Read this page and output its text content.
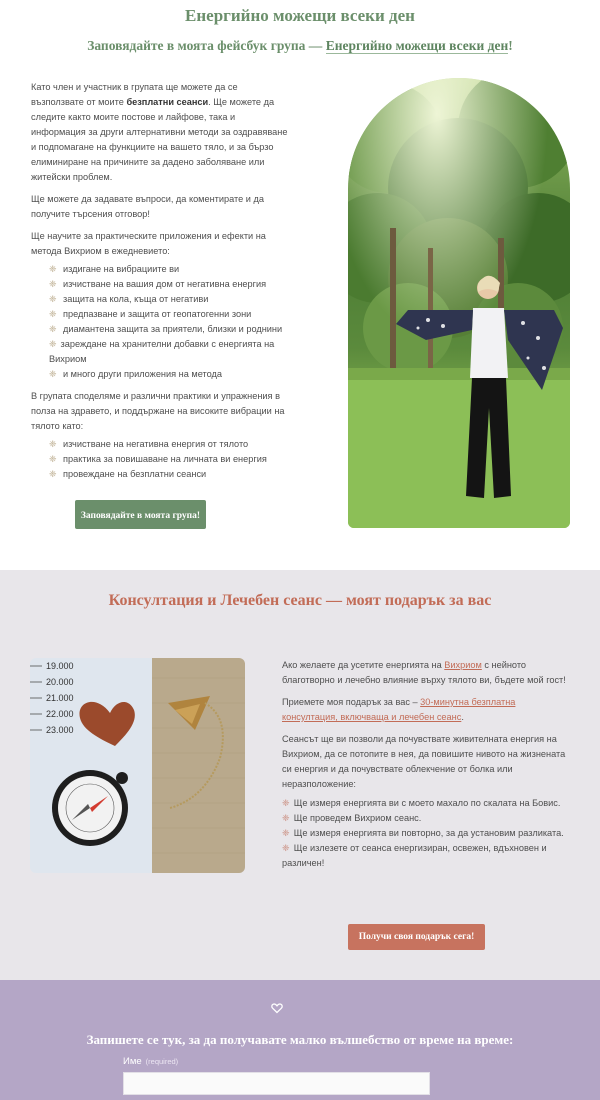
Енергийно можещи всеки ден
Заповядайте в моята фейсбук група — Енергийно можещи всеки ден!

Като член и участник в групата ще можете да се възползвате от моите безплатни сеанси. Ще можете да следите както моите постове и лайфове, така и информация за други алтернативни методи за оздравяване и подпомагане на функциите на вашето тяло, и за бързо елиминиране на причините за дадено заболяване или житейски проблем.

Ще можете да задавате въпроси, да коментирате и да получите търсения отговор!

Ще научите за практическите приложения и ефекти на метода Вихриом в ежедневието:

❈ издигане на вибрациите ви
❈ изчистване на вашия дом от негативна енергия
❈ защита на кола, къща от негативи
❈ предпазване и защита от геопатогенни зони
❈ диамантена защита за приятели, близки и роднини
❈ зареждане на хранителни добавки с енергията на Вихриом
❈ и много други приложения на метода

В групата споделяме и различни практики и упражнения в полза на здравето, и поддържане на високите вибрации на тялото като:

❈ изчистване на негативна енергия от тялото
❈ практика за повишаване на личната ви енергия
❈ провеждане на безплатни сеанси
Заповядайте в моята група!
Консултация и Лечебен сеанс — моят подарък за вас
19.000
20.000
21.000
22.000
23.000

Ако желаете да усетите енергията на Вихриом с нейното благотворно и лечебно влияние върху тялото ви, бъдете мой гост!

Приемете моя подарък за вас – 30-минутна безплатна консултация, включваща и лечебен сеанс.

Сеансът ще ви позволи да почувствате живителната енергия на Вихриом, да се потопите в нея, да повишите нивото на жизнената си енергия и да почувствате облекчение от болка или неразположение:

❈ Ще измеря енергията ви с моето махало по скалата на Бовис.
❈ Ще проведем Вихриом сеанс.
❈ Ще измеря енергията ви повторно, за да установим разликата.
❈ Ще излезете от сеанса енергизиран, освежен, вдъхновен и различен!
Получи своя подарък сега!
Запишете се тук, за да получавате малко вълшебство от време на време:
Име (required)
